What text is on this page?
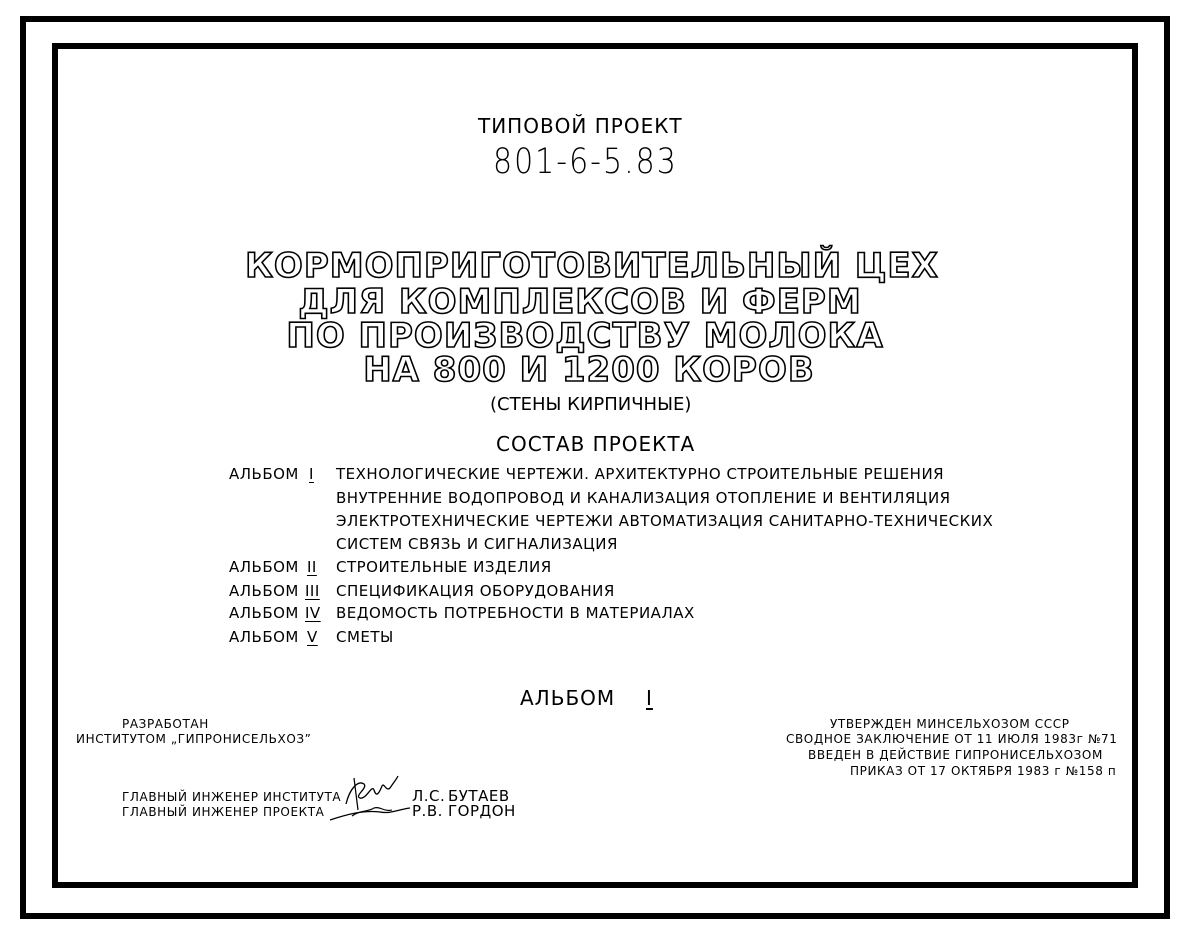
ТИПОВОЙ ПРОЕКТ
801-6-5.83
КОРМОПРИГОТОВИТЕЛЬНЫЙ ЦЕХ
ДЛЯ КОМПЛЕКСОВ И ФЕРМ
ПО ПРОИЗВОДСТВУ МОЛОКА
НА 800 И 1200 КОРОВ
(СТЕНЫ КИРПИЧНЫЕ)
СОСТАВ ПРОЕКТА
АЛЬБОМ I ТЕХНОЛОГИЧЕСКИЕ ЧЕРТЕЖИ. АРХИТЕКТУРНО СТРОИТЕЛЬНЫЕ РЕШЕНИЯ
ВНУТРЕННИЕ ВОДОПРОВОД И КАНАЛИЗАЦИЯ ОТОПЛЕНИЕ И ВЕНТИЛЯЦИЯ
ЭЛЕКТРОТЕХНИЧЕСКИЕ ЧЕРТЕЖИ АВТОМАТИЗАЦИЯ САНИТАРНО-ТЕХНИЧЕСКИХ
СИСТЕМ СВЯЗЬ И СИГНАЛИЗАЦИЯ
АЛЬБОМ II СТРОИТЕЛЬНЫЕ ИЗДЕЛИЯ
АЛЬБОМ III СПЕЦИФИКАЦИЯ ОБОРУДОВАНИЯ
АЛЬБОМ IV ВЕДОМОСТЬ ПОТРЕБНОСТИ В МАТЕРИАЛАХ
АЛЬБОМ V СМЕТЫ
АЛЬБОМ I
РАЗРАБОТАН
ИНСТИТУТОМ „ГИПРОНИСЕЛЬХОЗ”
УТВЕРЖДЕН МИНСЕЛЬХОЗОМ СССР
СВОДНОЕ ЗАКЛЮЧЕНИЕ ОТ 11 ИЮЛЯ 1983г №71
ВВЕДЕН В ДЕЙСТВИЕ ГИПРОНИСЕЛЬХОЗОМ
ПРИКАЗ ОТ 17 ОКТЯБРЯ 1983 г №158 п
ГЛАВНЫЙ ИНЖЕНЕР ИНСТИТУТА
ГЛАВНЫЙ ИНЖЕНЕР ПРОЕКТА
Л.С. БУТАЕВ
Р.В. ГОРДОН
